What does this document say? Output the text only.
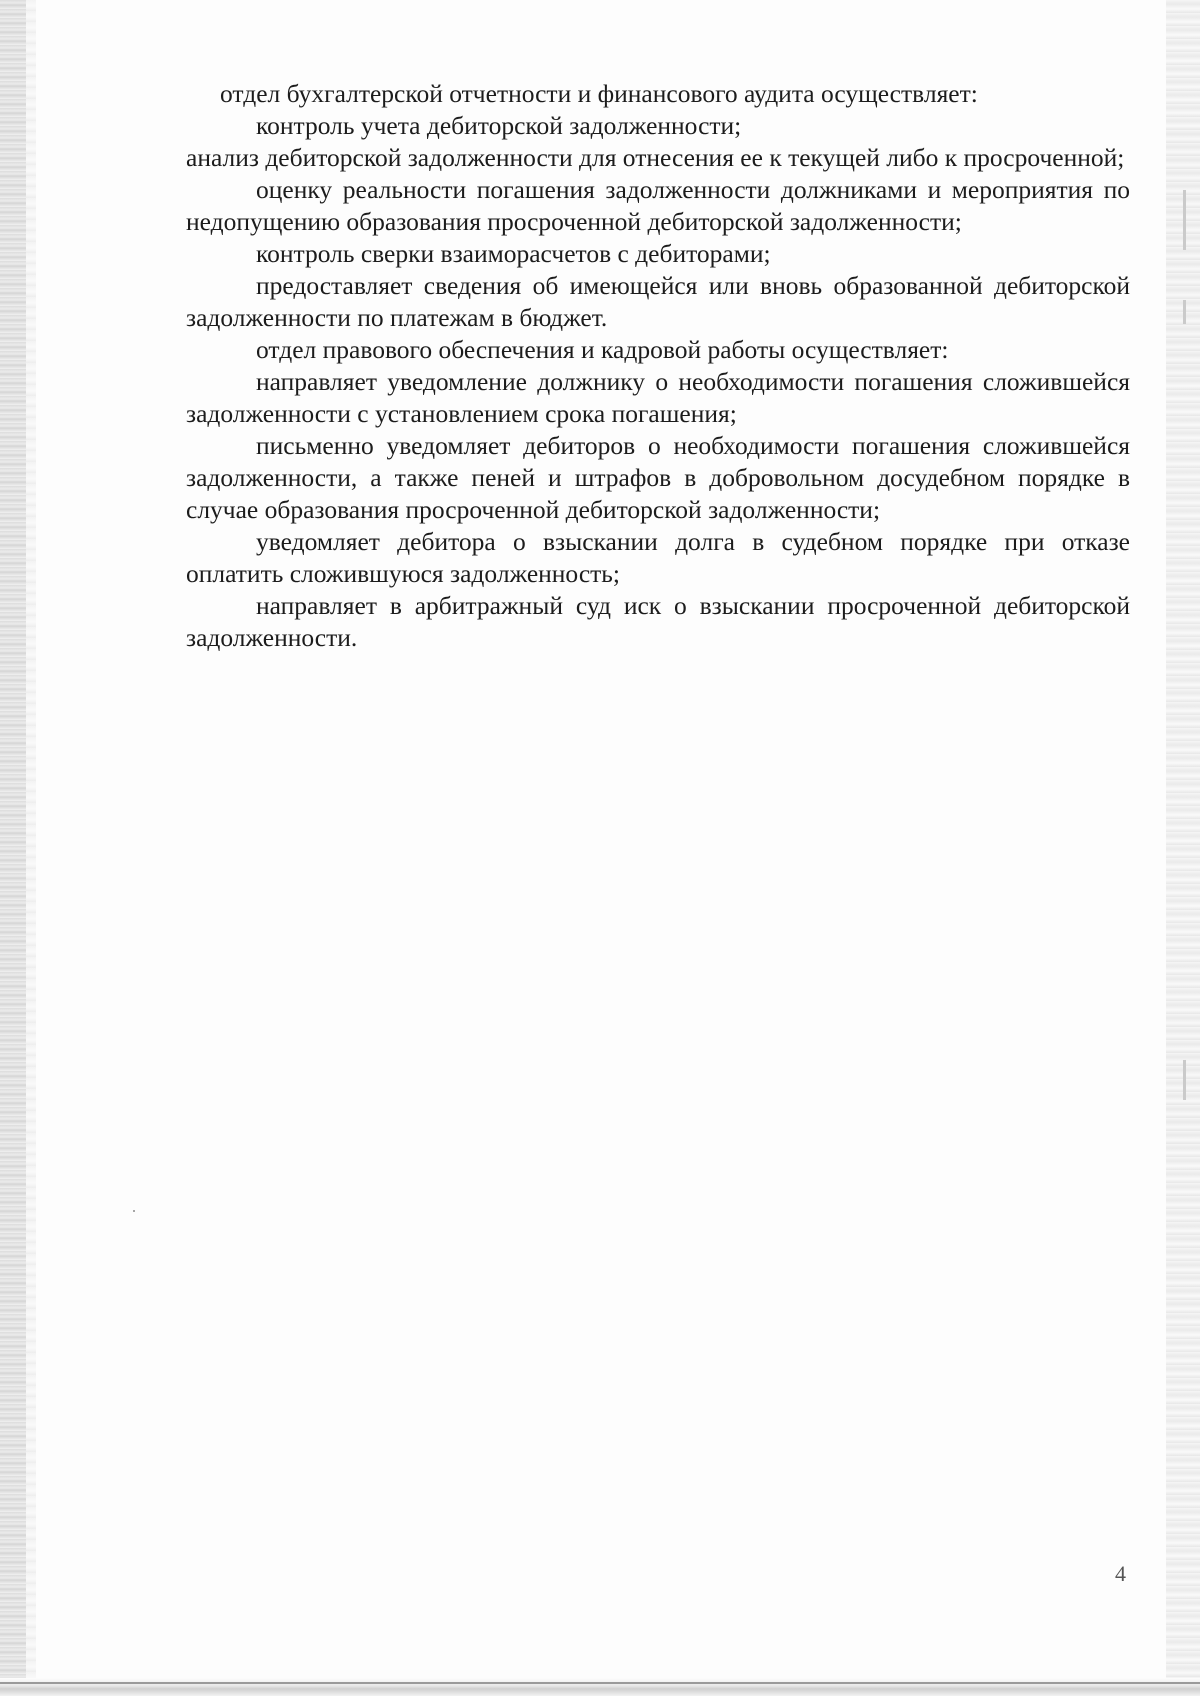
отдел бухгалтерской отчетности и финансового аудита осуществляет:

контроль учета дебиторской задолженности;

анализ дебиторской задолженности для отнесения ее к текущей либо к просроченной;

оценку реальности погашения задолженности должниками и мероприятия по недопущению образования просроченной дебиторской задолженности;

контроль сверки взаиморасчетов с дебиторами;

предоставляет сведения об имеющейся или вновь образованной дебиторской задолженности по платежам в бюджет.

отдел правового обеспечения и кадровой работы осуществляет:

направляет уведомление должнику о необходимости погашения сложившейся задолженности с установлением срока погашения;

письменно уведомляет дебиторов о необходимости погашения сложившейся задолженности, а также пеней и штрафов в добровольном досудебном порядке в случае образования просроченной дебиторской задолженности;

уведомляет дебитора о взыскании долга в судебном порядке при отказе оплатить сложившуюся задолженность;

направляет в арбитражный суд иск о взыскании просроченной дебиторской задолженности.

4
